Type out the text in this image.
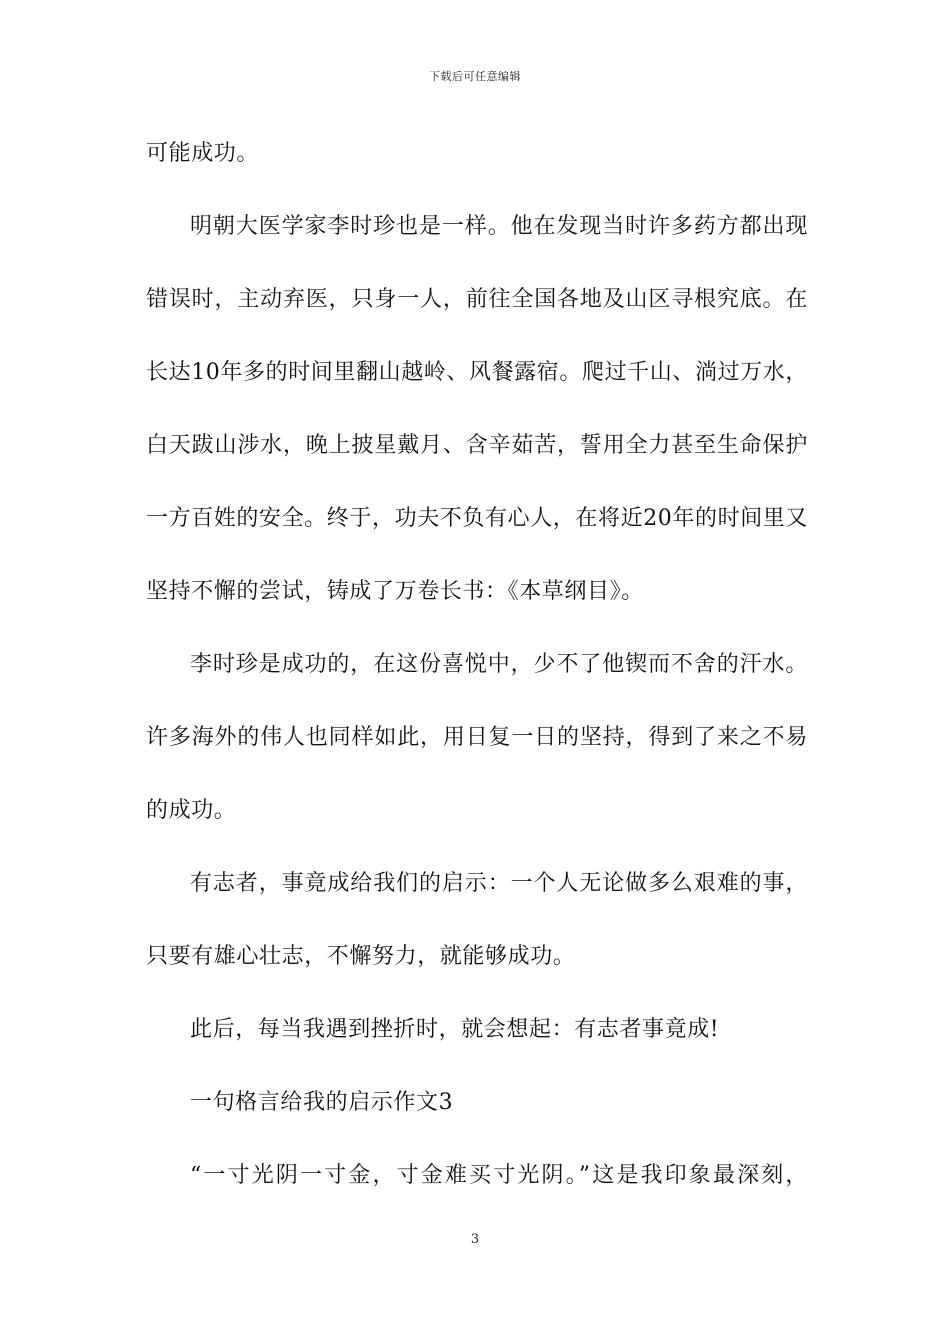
下载后可任意编辑
可能成功。
明朝大医学家李时珍也是一样。他在发现当时许多药方都出现
错误时，主动弃医，只身一人，前往全国各地及山区寻根究底。在
长达10年多的时间里翻山越岭、风餐露宿。爬过千山、淌过万水，
白天跋山涉水，晚上披星戴月、含辛茹苦，誓用全力甚至生命保护
一方百姓的安全。终于，功夫不负有心人，在将近20年的时间里又
坚持不懈的尝试，铸成了万卷长书：《本草纲目》。
李时珍是成功的，在这份喜悦中，少不了他锲而不舍的汗水。
许多海外的伟人也同样如此，用日复一日的坚持，得到了来之不易
的成功。
有志者，事竟成给我们的启示：一个人无论做多么艰难的事，
只要有雄心壮志，不懈努力，就能够成功。
此后，每当我遇到挫折时，就会想起：有志者事竟成!
一句格言给我的启示作文3
“一寸光阴一寸金，寸金难买寸光阴。”这是我印象最深刻，
3
